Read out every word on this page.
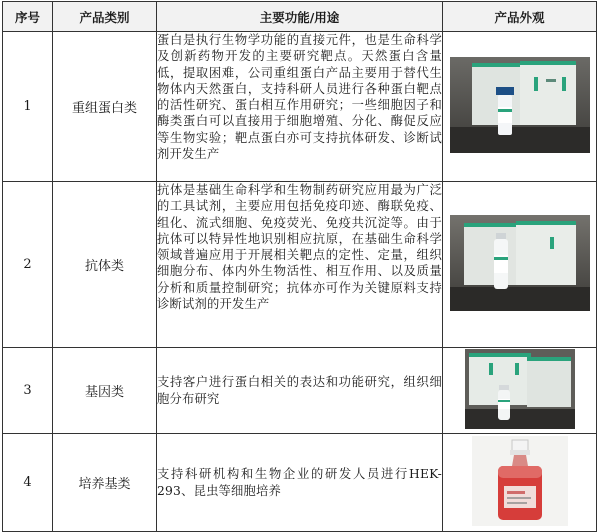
序号	产品类别	主要功能/用途	产品外观
1	重组蛋白类	蛋白是执行生物学功能的直接元件，也是生命科学及创新药物开发的主要研究靶点。天然蛋白含量低，提取困难，公司重组蛋白产品主要用于替代生物体内天然蛋白，支持科研人员进行各种蛋白靶点的活性研究、蛋白相互作用研究；一些细胞因子和酶类蛋白可以直接用于细胞增殖、分化、酶促反应等生物实验；靶点蛋白亦可支持抗体研发、诊断试剂开发生产	

2	抗体类	抗体是基础生命科学和生物制药研究应用最为广泛的工具试剂，主要应用包括免疫印迹、酶联免疫、组化、流式细胞、免疫荧光、免疫共沉淀等。由于抗体可以特异性地识别相应抗原，在基础生命科学领域普遍应用于开展相关靶点的定性、定量，组织细胞分布、体内外生物活性、相互作用、以及质量分析和质量控制研究；抗体亦可作为关键原料支持诊断试剂的开发生产	

3	基因类	支持客户进行蛋白相关的表达和功能研究，组织细胞分布研究	

4	培养基类	支持科研机构和生物企业的研发人员进行HEK-293、昆虫等细胞培养	
